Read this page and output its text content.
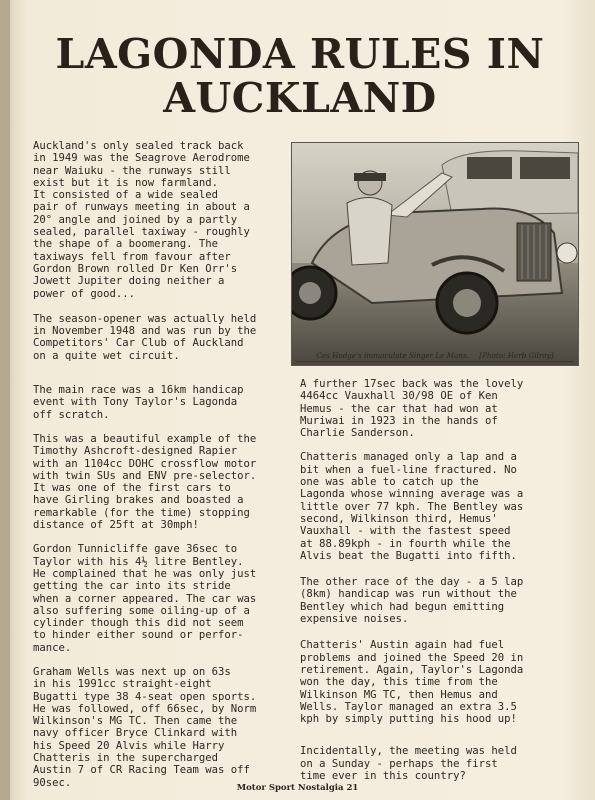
LAGONDA RULES IN AUCKLAND

Auckland's only sealed track back
in 1949 was the Seagrove Aerodrome
near Waiuku - the runways still
exist but it is now farmland.
It consisted of a wide sealed
pair of runways meeting in about a
20° angle and joined by a partly
sealed, parallel taxiway - roughly
the shape of a boomerang. The
taxiways fell from favour after
Gordon Brown rolled Dr Ken Orr's
Jowett Jupiter doing neither a
power of good...

The season-opener was actually held
in November 1948 and was run by the
Competitors' Car Club of Auckland
on a quite wet circuit.

The main race was a 16km handicap
event with Tony Taylor's Lagonda
off scratch.

This was a beautiful example of the
Timothy Ashcroft-designed Rapier
with an 1104cc DOHC crossflow motor
with twin SUs and ENV pre-selector.
It was one of the first cars to
have Girling brakes and boasted a
remarkable (for the time) stopping
distance of 25ft at 30mph!

Gordon Tunnicliffe gave 36sec to
Taylor with his 4½ litre Bentley.
He complained that he was only just
getting the car into its stride
when a corner appeared. The car was
also suffering some oiling-up of a
cylinder though this did not seem
to hinder either sound or perfor-
mance.

Graham Wells was next up on 63s
in his 1991cc straight-eight
Bugatti type 38 4-seat open sports.
He was followed, off 66sec, by Norm
Wilkinson's MG TC. Then came the
navy officer Bryce Clinkard with
his Speed 20 Alvis while Harry
Chatteris in the supercharged
Austin 7 of CR Racing Team was off
90sec.

Ces Hodge's immaculate Singer Le Mans. [Photo: Herb Gilroy]

A further 17sec back was the lovely
4464cc Vauxhall 30/98 OE of Ken
Hemus - the car that had won at
Muriwai in 1923 in the hands of
Charlie Sanderson.

Chatteris managed only a lap and a
bit when a fuel-line fractured. No
one was able to catch up the
Lagonda whose winning average was a
little over 77 kph. The Bentley was
second, Wilkinson third, Hemus'
Vauxhall - with the fastest speed
at 88.89kph - in fourth while the
Alvis beat the Bugatti into fifth.

The other race of the day - a 5 lap
(8km) handicap was run without the
Bentley which had begun emitting
expensive noises.

Chatteris' Austin again had fuel
problems and joined the Speed 20 in
retirement. Again, Taylor's Lagonda
won the day, this time from the
Wilkinson MG TC, then Hemus and
Wells. Taylor managed an extra 3.5
kph by simply putting his hood up!

Incidentally, the meeting was held
on a Sunday - perhaps the first
time ever in this country?

Motor Sport Nostalgia 21
